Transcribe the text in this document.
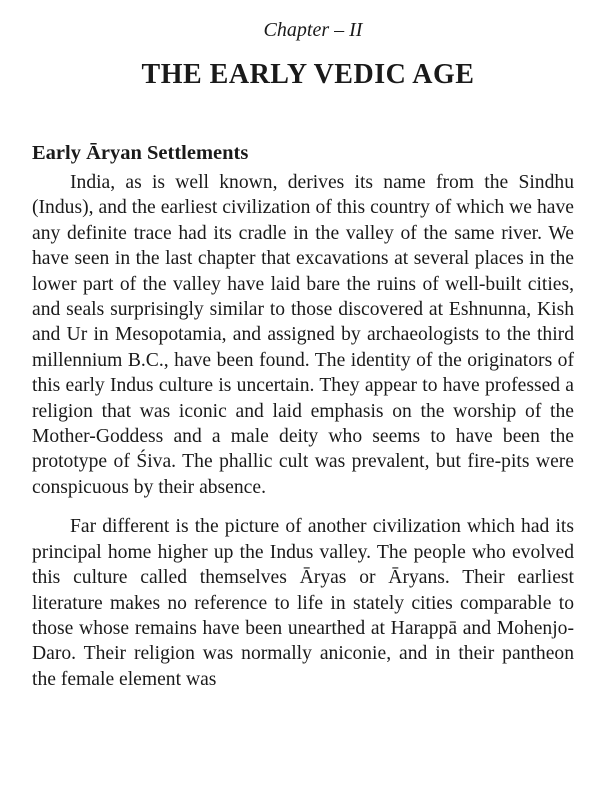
Chapter – II
THE EARLY VEDIC AGE
Early Āryan Settlements

India, as is well known, derives its name from the Sindhu (Indus), and the earliest civilization of this country of which we have any definite trace had its cradle in the valley of the same river. We have seen in the last chapter that excavations at several places in the lower part of the valley have laid bare the ruins of well-built cities, and seals surprisingly similar to those discovered at Eshnunna, Kish and Ur in Mesopotamia, and assigned by archaeologists to the third millennium B.C., have been found. The identity of the originators of this early Indus culture is uncertain. They appear to have professed a religion that was iconic and laid emphasis on the worship of the Mother-Goddess and a male deity who seems to have been the prototype of Śiva. The phallic cult was prevalent, but fire-pits were conspicuous by their absence.

Far different is the picture of another civilization which had its principal home higher up the Indus valley. The people who evolved this culture called themselves Āryas or Āryans. Their earliest literature makes no reference to life in stately cities comparable to those whose remains have been unearthed at Harappā and Mohenjo-Daro. Their religion was normally aniconie, and in their pantheon the female element was
